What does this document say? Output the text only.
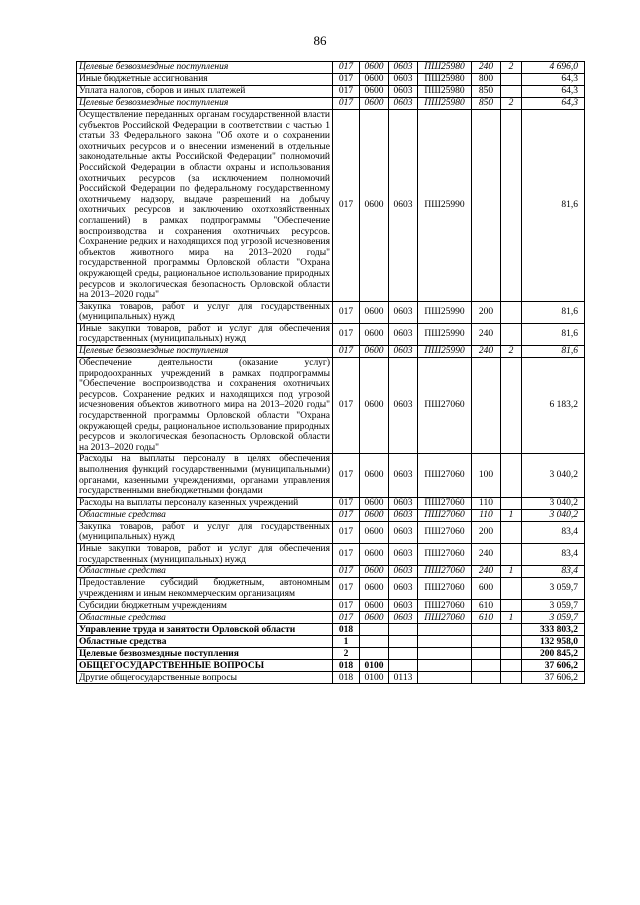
86
Целевые безвозмездные поступления	017	0600	0603	ПШ25980	240	2	4 696,0
Иные бюджетные ассигнования	017	0600	0603	ПШ25980	800		64,3
Уплата налогов, сборов и иных платежей	017	0600	0603	ПШ25980	850		64,3
Целевые безвозмездные поступления	017	0600	0603	ПШ25980	850	2	64,3
Осуществление переданных органам государственной власти субъектов Российской Федерации в соответствии с частью 1 статьи 33 Федерального закона "Об охоте и о сохранении охотничьих ресурсов и о внесении изменений в отдельные законодательные акты Российской Федерации" полномочий Российской Федерации в области охраны и использования охотничьих ресурсов (за исключением полномочий Российской Федерации по федеральному государственному охотничьему надзору, выдаче разрешений на добычу охотничьих ресурсов и заключению охотхозяйственных соглашений) в рамках подпрограммы "Обеспечение воспроизводства и сохранения охотничьих ресурсов. Сохранение редких и находящихся под угрозой исчезновения объектов животного мира на 2013–2020 годы" государственной программы Орловской области "Охрана окружающей среды, рациональное использование природных ресурсов и экологическая безопасность Орловской области на 2013–2020 годы"	017	0600	0603	ПШ25990			81,6
Закупка товаров, работ и услуг для государственных (муниципальных) нужд	017	0600	0603	ПШ25990	200		81,6
Иные закупки товаров, работ и услуг для обеспечения государственных (муниципальных) нужд	017	0600	0603	ПШ25990	240		81,6
Целевые безвозмездные поступления	017	0600	0603	ПШ25990	240	2	81,6
Обеспечение деятельности (оказание услуг) природоохранных учреждений в рамках подпрограммы "Обеспечение воспроизводства и сохранения охотничьих ресурсов. Сохранение редких и находящихся под угрозой исчезновения объектов животного мира на 2013–2020 годы" государственной программы Орловской области "Охрана окружающей среды, рациональное использование природных ресурсов и экологическая безопасность Орловской области на 2013–2020 годы"	017	0600	0603	ПШ27060			6 183,2
Расходы на выплаты персоналу в целях обеспечения выполнения функций государственными (муниципальными) органами, казенными учреждениями, органами управления государственными внебюджетными фондами	017	0600	0603	ПШ27060	100		3 040,2
Расходы на выплаты персоналу казенных учреждений	017	0600	0603	ПШ27060	110		3 040,2
Областные средства	017	0600	0603	ПШ27060	110	1	3 040,2
Закупка товаров, работ и услуг для государственных (муниципальных) нужд	017	0600	0603	ПШ27060	200		83,4
Иные закупки товаров, работ и услуг для обеспечения государственных (муниципальных) нужд	017	0600	0603	ПШ27060	240		83,4
Областные средства	017	0600	0603	ПШ27060	240	1	83,4
Предоставление субсидий бюджетным, автономным учреждениям и иным некоммерческим организациям	017	0600	0603	ПШ27060	600		3 059,7
Субсидии бюджетным учреждениям	017	0600	0603	ПШ27060	610		3 059,7
Областные средства	017	0600	0603	ПШ27060	610	1	3 059,7
Управление труда и занятости Орловской области	018						333 803,2
Областные средства	1						132 958,0
Целевые безвозмездные поступления	2						200 845,2
ОБЩЕГОСУДАРСТВЕННЫЕ ВОПРОСЫ	018	0100					37 606,2
Другие общегосударственные вопросы	018	0100	0113				37 606,2
